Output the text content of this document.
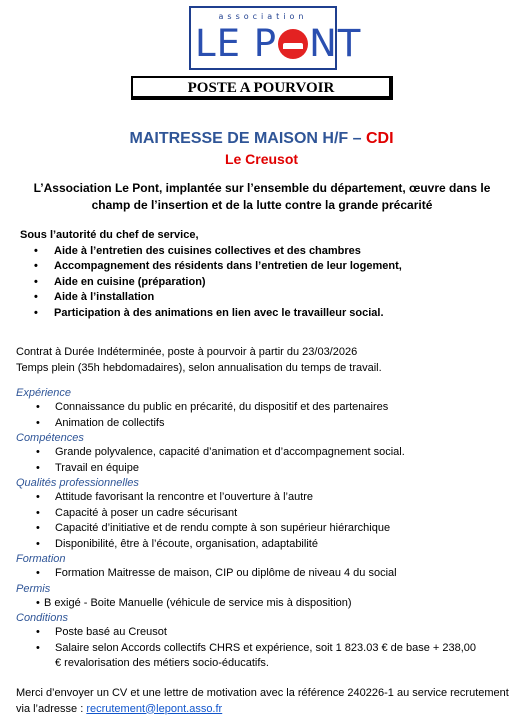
association
LE P NT
POSTE A POURVOIR
MAITRESSE DE MAISON H/F – CDI
Le Creusot
L’Association Le Pont, implantée sur l’ensemble du département, œuvre dans le champ de l’insertion et de la lutte contre la grande précarité
Sous l’autorité du chef de service,
• Aide à l’entretien des cuisines collectives et des chambres
• Accompagnement des résidents dans l’entretien de leur logement,
• Aide en cuisine (préparation)
• Aide à l’installation
• Participation à des animations en lien avec le travailleur social.
Contrat à Durée Indéterminée, poste à pourvoir à partir du 23/03/2026
Temps plein (35h hebdomadaires), selon annualisation du temps de travail.
Expérience
• Connaissance du public en précarité, du dispositif et des partenaires
• Animation de collectifs
Compétences
• Grande polyvalence, capacité d’animation et d’accompagnement social.
• Travail en équipe
Qualités professionnelles
• Attitude favorisant la rencontre et l’ouverture à l’autre
• Capacité à poser un cadre sécurisant
• Capacité d’initiative et de rendu compte à son supérieur hiérarchique
• Disponibilité, être à l’écoute, organisation, adaptabilité
Formation
• Formation Maitresse de maison, CIP ou diplôme de niveau 4 du social
Permis
• B exigé - Boite Manuelle (véhicule de service mis à disposition)
Conditions
• Poste basé au Creusot
• Salaire selon Accords collectifs CHRS et expérience, soit 1 823.03 € de base + 238,00 € revalorisation des métiers socio-éducatifs.
Merci d’envoyer un CV et une lettre de motivation avec la référence 240226-1 au service recrutement via l’adresse : recrutement@lepont.asso.fr
